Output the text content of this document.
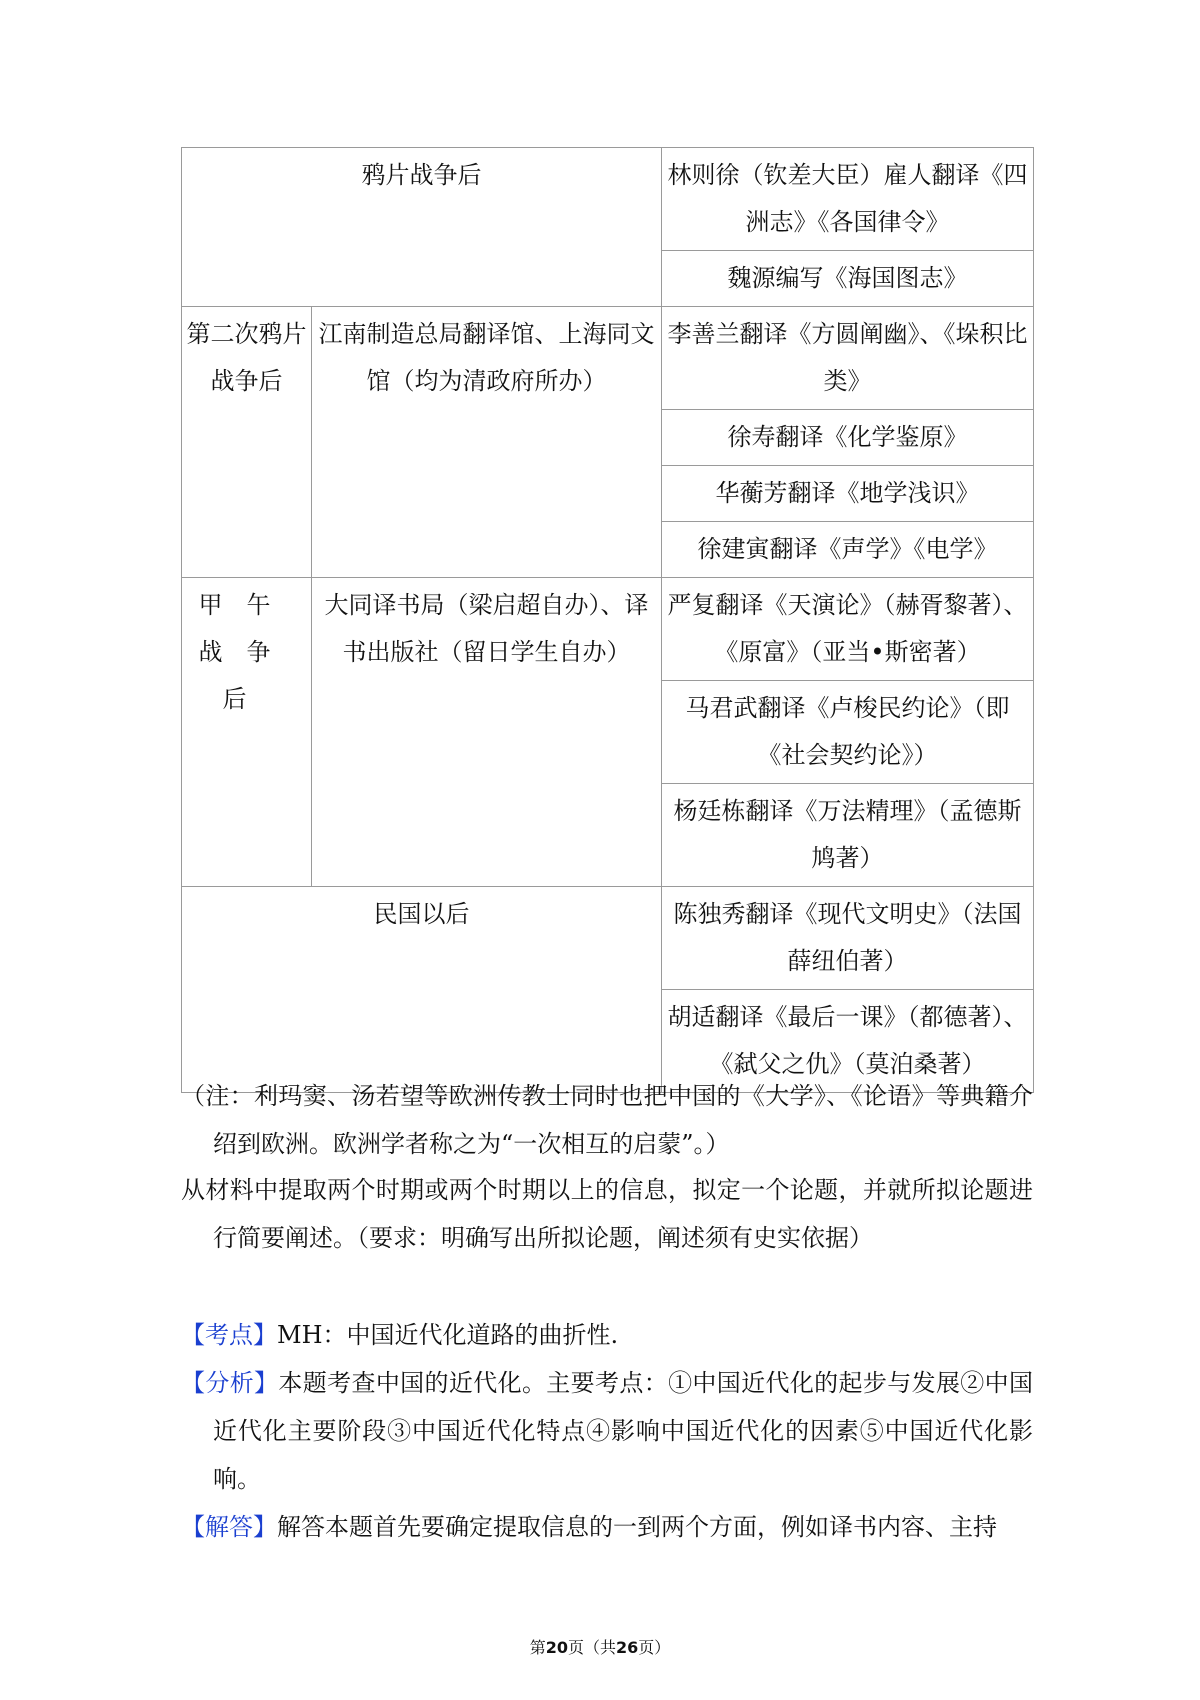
鸦片战争后		林则徐（钦差大臣）雇人翻译《四洲志》《各国律令》
		魏源编写《海国图志》
第二次鸦片战争后	江南制造总局翻译馆、上海同文馆（均为清政府所办）	李善兰翻译《方圆阐幽》、《垛积比类》
		徐寿翻译《化学鉴原》
		华蘅芳翻译《地学浅识》
		徐建寅翻译《声学》《电学》
甲午战争后	大同译书局（梁启超自办）、译书出版社（留日学生自办）	严复翻译《天演论》（赫胥黎著）、《原富》（亚当•斯密著）
		马君武翻译《卢梭民约论》（即《社会契约论》）
		杨廷栋翻译《万法精理》（孟德斯鸠著）
民国以后		陈独秀翻译《现代文明史》（法国薛纽伯著）
		胡适翻译《最后一课》（都德著）、《弑父之仇》（莫泊桑著）

（注：利玛窦、汤若望等欧洲传教士同时也把中国的《大学》、《论语》等典籍介绍到欧洲。欧洲学者称之为“一次相互的启蒙”。）

从材料中提取两个时期或两个时期以上的信息，拟定一个论题，并就所拟论题进行简要阐述。（要求：明确写出所拟论题，阐述须有史实依据）

【考点】MH：中国近代化道路的曲折性.

【分析】本题考查中国的近代化。主要考点：①中国近代化的起步与发展②中国近代化主要阶段③中国近代化特点④影响中国近代化的因素⑤中国近代化影响。

【解答】解答本题首先要确定提取信息的一到两个方面，例如译书内容、主持

第20页（共26页）
